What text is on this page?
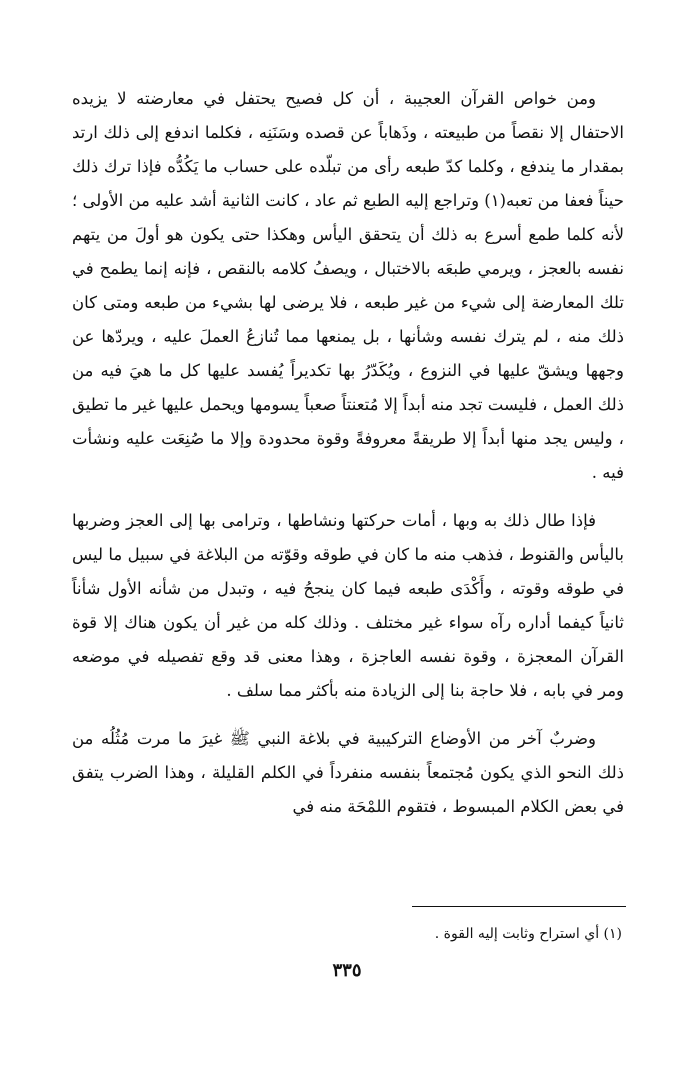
ومن خواص القرآن العجيبة ، أن كل فصيح يحتفل في معارضته لا يزيده الاحتفال إلا نقصاً من طبيعته ، وذَهاباً عن قصده وسَنَنِه ، فكلما اندفع إلى ذلك ارتد بمقدار ما يندفع ، وكلما كدّ طبعه رأى من تبلّده على حساب ما يَكُدُّه فإذا ترك ذلك حيناً فعفا من تعبه(١) وتراجع إليه الطبع ثم عاد ، كانت الثانية أشد عليه من الأولى ؛ لأنه كلما طمع أسرع به ذلك أن يتحقق اليأس وهكذا حتى يكون هو أولَ من يتهم نفسه بالعجز ، ويرمي طبعَه بالاختبال ، ويصفُ كلامه بالنقص ، فإنه إنما يطمح في تلك المعارضة إلى شيء من غير طبعه ، فلا يرضى لها بشيء من طبعه ومتى كان ذلك منه ، لم يترك نفسه وشأنها ، بل يمنعها مما تُنازعُ العملَ عليه ، ويردّها عن وجهها ويشقّ عليها في النزوع ، ويُكَدّرُ بها تكديراً يُفسد عليها كل ما هيَ فيه من ذلك العمل ، فليست تجد منه أبداً إلا مُتعنتاً صعباً يسومها ويحمل عليها غير ما تطيق ، وليس يجد منها أبداً إلا طريقةً معروفةً وقوة محدودة وإلا ما صُنِعَت عليه ونشأت فيه .

فإذا طال ذلك به وبها ، أمات حركتها ونشاطها ، وترامى بها إلى العجز وضربها باليأس والقنوط ، فذهب منه ما كان في طوقه وقوّته من البلاغة في سبيل ما ليس في طوقه وقوته ، وأَكْدَى طبعه فيما كان ينجحُ فيه ، وتبدل من شأنه الأول شأناً ثانياً كيفما أداره رآه سواء غير مختلف . وذلك كله من غير أن يكون هناك إلا قوة القرآن المعجزة ، وقوة نفسه العاجزة ، وهذا معنى قد وقع تفصيله في موضعه ومر في بابه ، فلا حاجة بنا إلى الزيادة منه بأكثر مما سلف .

وضربٌ آخر من الأوضاع التركيبية في بلاغة النبي ﷺ غيرَ ما مرت مُثُلُه من ذلك النحو الذي يكون مُجتمعاً بنفسه منفرداً في الكلم القليلة ، وهذا الضرب يتفق في بعض الكلام المبسوط ، فتقوم اللمْحَة منه في

(١) أي استراح وثابت إليه القوة .
٣٣٥
